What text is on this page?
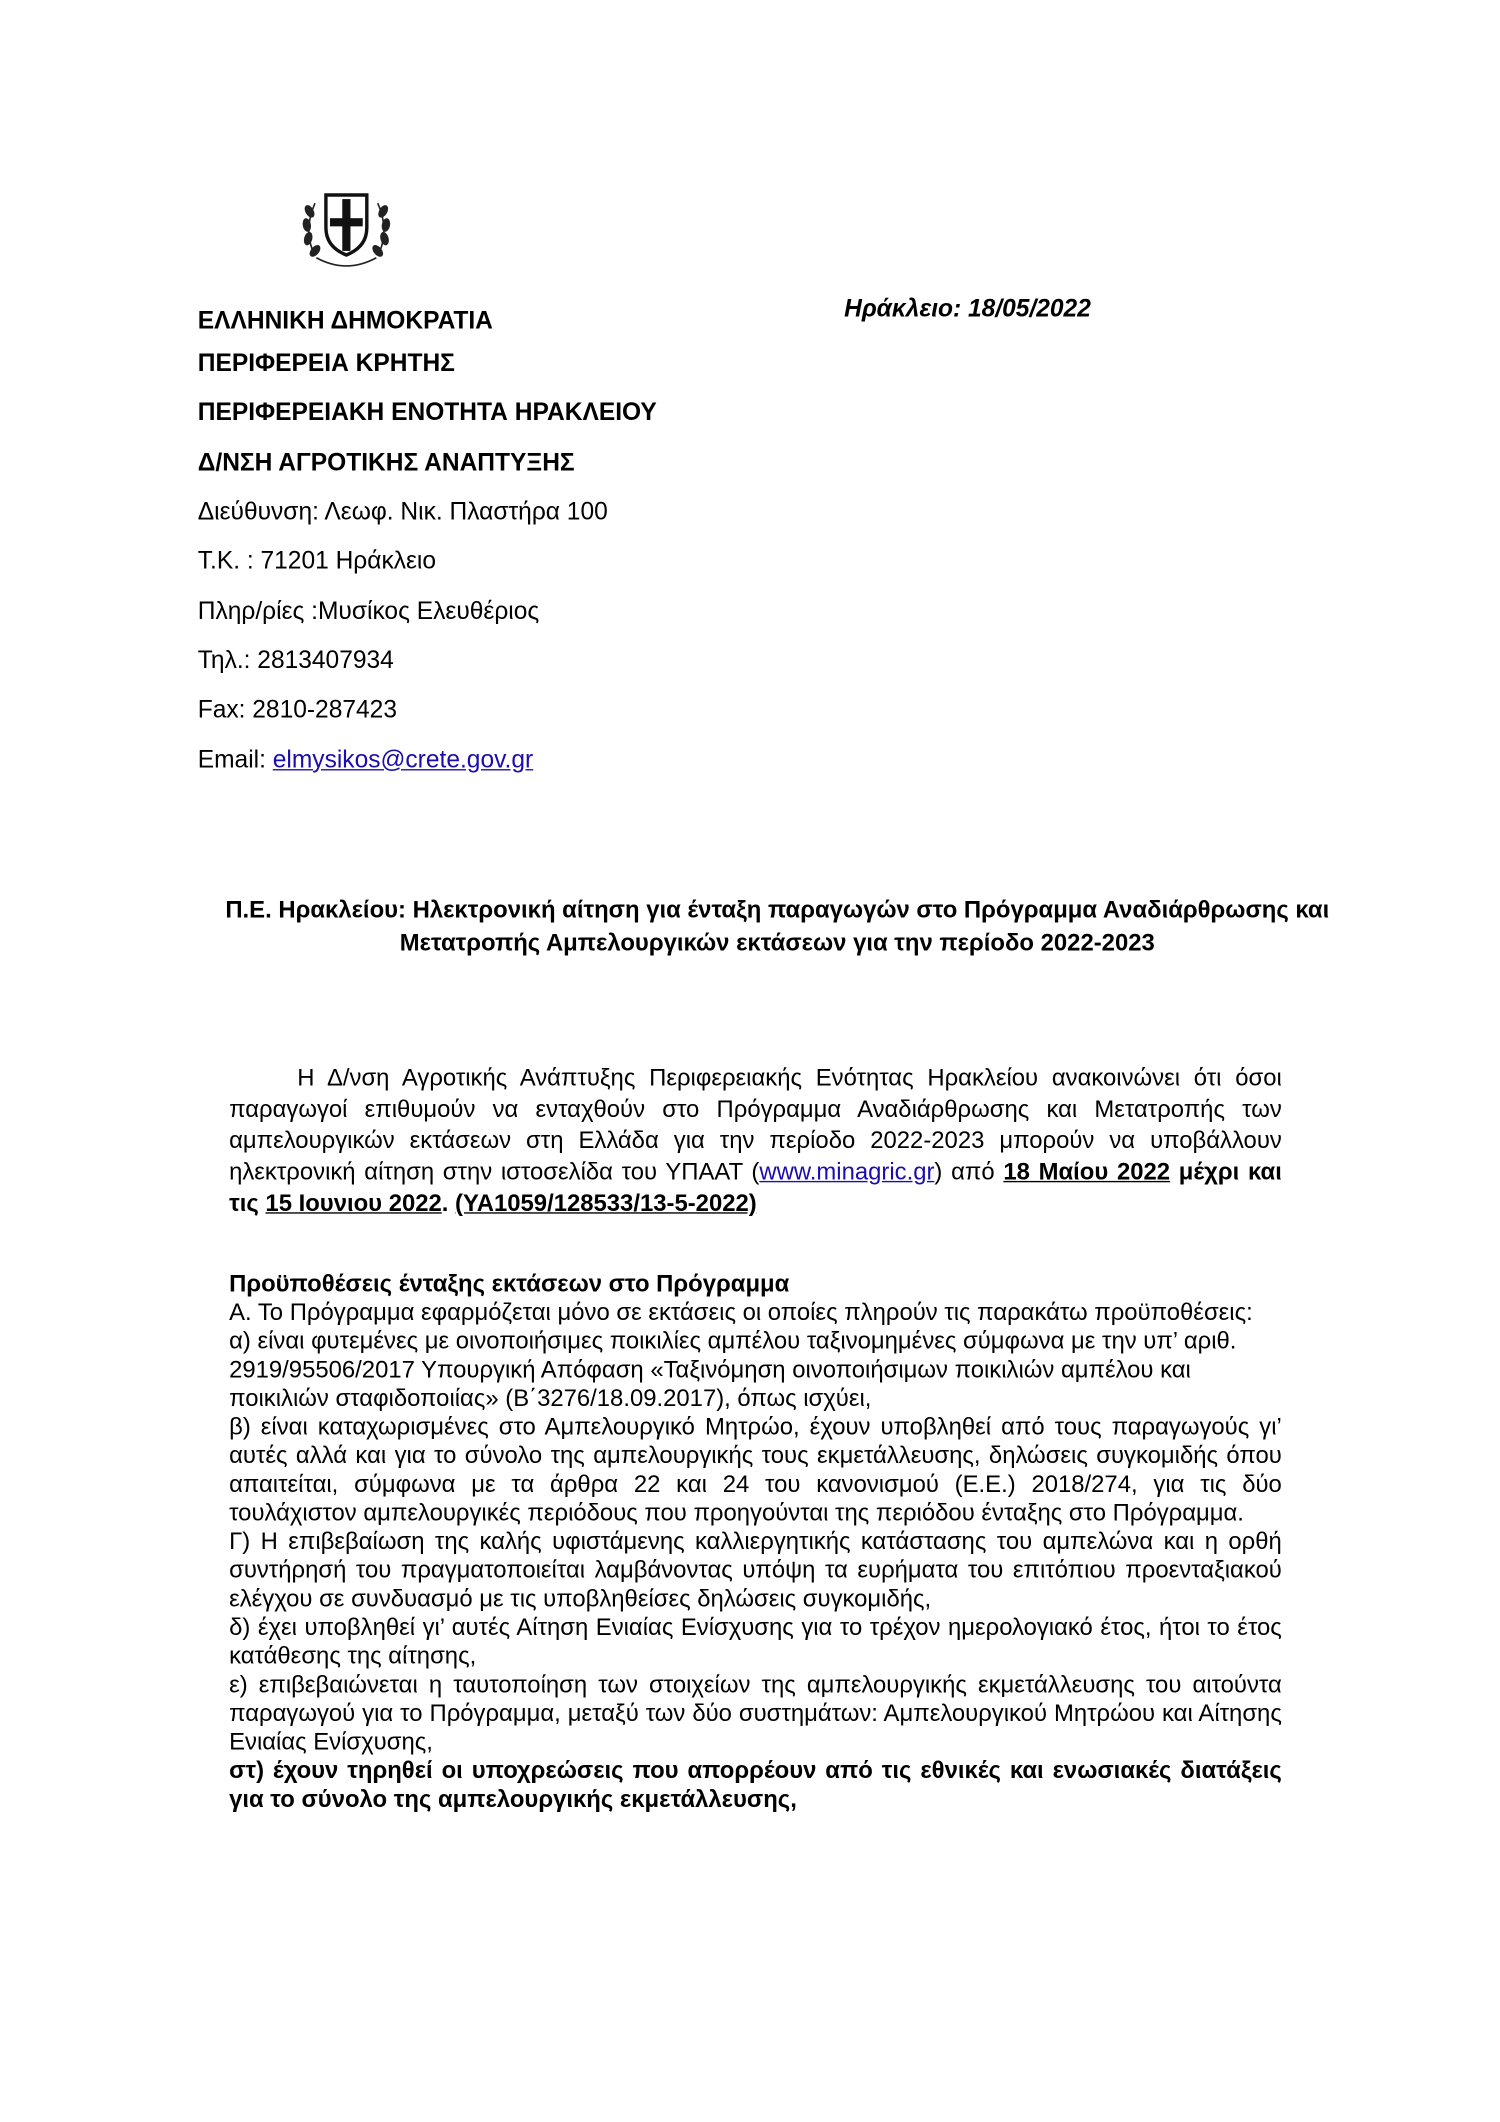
Ηράκλειο: 18/05/2022
ΕΛΛΗΝΙΚΗ ΔΗΜΟΚΡΑΤΙΑ
ΠΕΡΙΦΕΡΕΙΑ ΚΡΗΤΗΣ
ΠΕΡΙΦΕΡΕΙΑΚΗ ΕΝΟΤΗΤΑ ΗΡΑΚΛΕΙΟΥ
Δ/ΝΣΗ ΑΓΡΟΤΙΚΗΣ ΑΝΑΠΤΥΞΗΣ
Διεύθυνση: Λεωφ. Νικ. Πλαστήρα 100
Τ.Κ. : 71201 Ηράκλειο
Πληρ/ρίες :Μυσίκος Ελευθέριος
Τηλ.: 2813407934
Fax: 2810-287423
Email: elmysikos@crete.gov.gr
Π.Ε. Ηρακλείου: Ηλεκτρονική αίτηση για ένταξη παραγωγών στο Πρόγραμμα Αναδιάρθρωσης και Μετατροπής Αμπελουργικών εκτάσεων για την περίοδο 2022-2023
Η Δ/νση Αγροτικής Ανάπτυξης Περιφερειακής Ενότητας Ηρακλείου ανακοινώνει ότι όσοι παραγωγοί επιθυμούν να ενταχθούν στο Πρόγραμμα Αναδιάρθρωσης και Μετατροπής των αμπελουργικών εκτάσεων στη Ελλάδα για την περίοδο 2022-2023 μπορούν να υποβάλλουν ηλεκτρονική αίτηση στην ιστοσελίδα του ΥΠΑΑΤ (www.minagric.gr) από 18 Μαίου 2022 μέχρι και τις 15 Ιουνιου 2022. (ΥΑ1059/128533/13-5-2022)
Προϋποθέσεις ένταξης εκτάσεων στο Πρόγραμμα

Α. Το Πρόγραμμα εφαρμόζεται μόνο σε εκτάσεις οι οποίες πληρούν τις παρακάτω προϋποθέσεις:

α) είναι φυτεμένες με οινοποιήσιμες ποικιλίες αμπέλου ταξινομημένες σύμφωνα με την υπ’ αριθ. 2919/95506/2017 Υπουργική Απόφαση «Ταξινόμηση οινοποιήσιμων ποικιλιών αμπέλου και ποικιλιών σταφιδοποιίας» (Β΄3276/18.09.2017), όπως ισχύει,

β) είναι καταχωρισμένες στο Αμπελουργικό Μητρώο, έχουν υποβληθεί από τους παραγωγούς γι’ αυτές αλλά και για το σύνολο της αμπελουργικής τους εκμετάλλευσης, δηλώσεις συγκομιδής όπου απαιτείται, σύμφωνα με τα άρθρα 22 και 24 του κανονισμού (Ε.Ε.) 2018/274, για τις δύο τουλάχιστον αμπελουργικές περιόδους που προηγούνται της περιόδου ένταξης στο Πρόγραμμα.

Γ) Η επιβεβαίωση της καλής υφιστάμενης καλλιεργητικής κατάστασης του αμπελώνα και η ορθή συντήρησή του πραγματοποιείται λαμβάνοντας υπόψη τα ευρήματα του επιτόπιου προενταξιακού ελέγχου σε συνδυασμό με τις υποβληθείσες δηλώσεις συγκομιδής,

δ) έχει υποβληθεί γι’ αυτές Αίτηση Ενιαίας Ενίσχυσης για το τρέχον ημερολογιακό έτος, ήτοι το έτος κατάθεσης της αίτησης,

ε) επιβεβαιώνεται η ταυτοποίηση των στοιχείων της αμπελουργικής εκμετάλλευσης του αιτούντα παραγωγού για το Πρόγραμμα, μεταξύ των δύο συστημάτων: Αμπελουργικού Μητρώου και Αίτησης Ενιαίας Ενίσχυσης,

στ) έχουν τηρηθεί οι υποχρεώσεις που απορρέουν από τις εθνικές και ενωσιακές διατάξεις για το σύνολο της αμπελουργικής εκμετάλλευσης,
